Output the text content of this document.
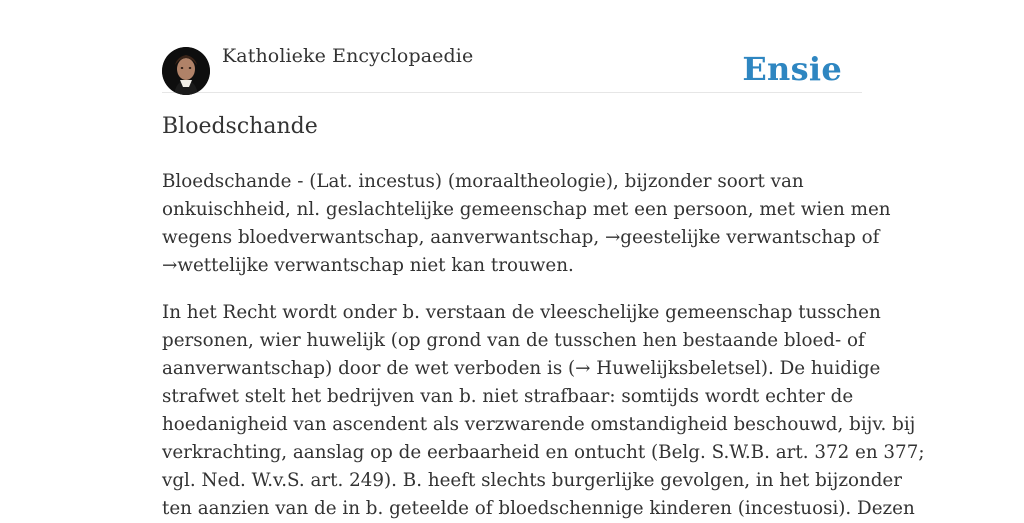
Katholieke Encyclopaedie	Ensie
Bloedschande
Bloedschande - (Lat. incestus) (moraaltheologie), bijzonder soort van
onkuischheid, nl. geslachtelijke gemeenschap met een persoon, met wien men
wegens bloedverwantschap, aanverwantschap, →geestelijke verwantschap of
→wettelijke verwantschap niet kan trouwen.
In het Recht wordt onder b. verstaan de vleeschelijke gemeenschap tusschen
personen, wier huwelijk (op grond van de tusschen hen bestaande bloed- of
aanverwantschap) door de wet verboden is (→ Huwelijksbeletsel). De huidige
strafwet stelt het bedrijven van b. niet strafbaar: somtijds wordt echter de
hoedanigheid van ascendent als verzwarende omstandigheid beschouwd, bijv. bij
verkrachting, aanslag op de eerbaarheid en ontucht (Belg. S.W.B. art. 372 en 377;
vgl. Ned. W.v.S. art. 249). B. heeft slechts burgerlijke gevolgen, in het bijzonder
ten aanzien van de in b. geteelde of bloedschennige kinderen (incestuosi). Dezen
